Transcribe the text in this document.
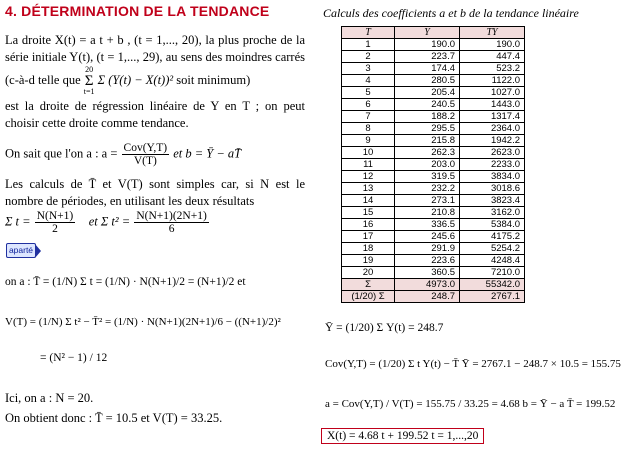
4. DÉTERMINATION DE LA TENDANCE
La droite X(t) = a t + b , (t = 1,..., 20), la plus proche de la série initiale Y(t), (t = 1,..., 29), au sens des moindres carrés (c-à-d telle que 20
Σ
t=1 Σ (Y(t) − X(t))² soit minimum)
est la droite de régression linéaire de Y en T ; on peut choisir cette droite comme tendance.
On sait que l'on a : $a = \frac{\text{Cov(Y,T)}}{V(T)}$ et b = Ȳ − aT̄
Les calculs de T̄ et V(T) sont simples car, si N est le nombre de périodes, en utilisant les deux résultats
Σ $t = \frac{N(N+1)}{2}$ et Σ $t^2 = \frac{N(N+1)(2N+1)}{6}$
aparté
on a : T̄ = (1/N) Σ t = (1/N) · N(N+1)/2 = (N+1)/2 et
V(T) = (1/N) Σ t² − T̄² = (1/N) · N(N+1)(2N+1)/6 − ((N+1)/2)²
= (N² − 1) / 12
Ici, on a : N = 20.
On obtient donc : T̄ = 10.5 et V(T) = 33.25.
Calculs des coefficients a et b de la tendance linéaire
T	Y	TY
1	190.0	190.0
2	223.7	447.4
3	174.4	523.2
4	280.5	1122.0
5	205.4	1027.0
6	240.5	1443.0
7	188.2	1317.4
8	295.5	2364.0
9	215.8	1942.2
10	262.3	2623.0
11	203.0	2233.0
12	319.5	3834.0
13	232.2	3018.6
14	273.1	3823.4
15	210.8	3162.0
16	336.5	5384.0
17	245.6	4175.2
18	291.9	5254.2
19	223.6	4248.4
20	360.5	7210.0
Σ	4973.0	55342.0
(1/20) Σ	248.7	2767.1
Ȳ = (1/20) Σ Y(t) = 248.7
Cov(Y,T) = (1/20) Σ t Y(t) − T̄ Ȳ = 2767.1 − 248.7 × 10.5 = 155.75
a = Cov(Y,T) / V(T) = 155.75 / 33.25 = 4.68 b = Ȳ − a T̄ = 199.52
X(t) = 4.68 t + 199.52 t = 1,...,20
